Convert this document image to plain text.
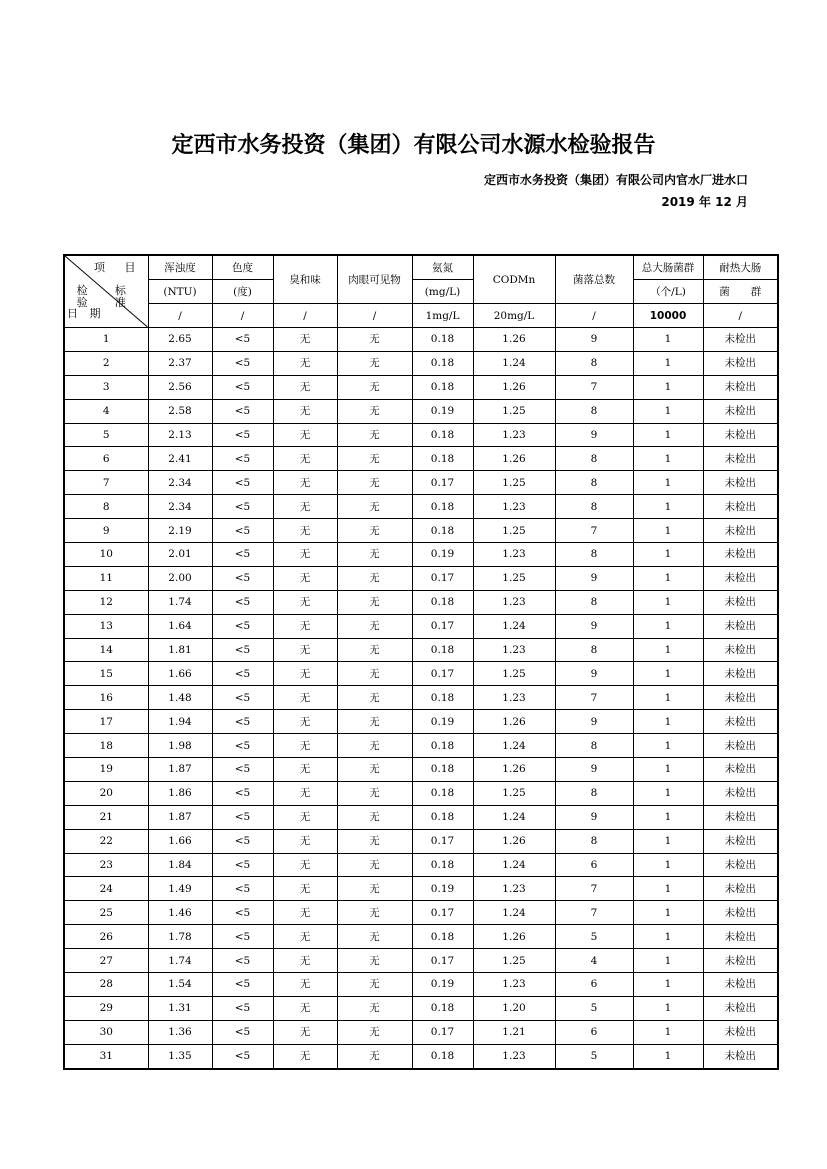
定西市水务投资（集团）有限公司水源水检验报告
定西市水务投资（集团）有限公司内官水厂进水口
2019 年 12 月
项 目
检 验
标 准
日 期	浑浊度	色度	臭和味	肉眼可见物	氨氮	CODMn	菌落总数	总大肠菌群	耐热大肠
	(NTU)	(度)			(mg/L)			（个/L)	菌　　群
	/	/	/	/	1mg/L	20mg/L	/	10000	/
1	2.65	<5	无	无	0.18	1.26	9	1	未检出
2	2.37	<5	无	无	0.18	1.24	8	1	未检出
3	2.56	<5	无	无	0.18	1.26	7	1	未检出
4	2.58	<5	无	无	0.19	1.25	8	1	未检出
5	2.13	<5	无	无	0.18	1.23	9	1	未检出
6	2.41	<5	无	无	0.18	1.26	8	1	未检出
7	2.34	<5	无	无	0.17	1.25	8	1	未检出
8	2.34	<5	无	无	0.18	1.23	8	1	未检出
9	2.19	<5	无	无	0.18	1.25	7	1	未检出
10	2.01	<5	无	无	0.19	1.23	8	1	未检出
11	2.00	<5	无	无	0.17	1.25	9	1	未检出
12	1.74	<5	无	无	0.18	1.23	8	1	未检出
13	1.64	<5	无	无	0.17	1.24	9	1	未检出
14	1.81	<5	无	无	0.18	1.23	8	1	未检出
15	1.66	<5	无	无	0.17	1.25	9	1	未检出
16	1.48	<5	无	无	0.18	1.23	7	1	未检出
17	1.94	<5	无	无	0.19	1.26	9	1	未检出
18	1.98	<5	无	无	0.18	1.24	8	1	未检出
19	1.87	<5	无	无	0.18	1.26	9	1	未检出
20	1.86	<5	无	无	0.18	1.25	8	1	未检出
21	1.87	<5	无	无	0.18	1.24	9	1	未检出
22	1.66	<5	无	无	0.17	1.26	8	1	未检出
23	1.84	<5	无	无	0.18	1.24	6	1	未检出
24	1.49	<5	无	无	0.19	1.23	7	1	未检出
25	1.46	<5	无	无	0.17	1.24	7	1	未检出
26	1.78	<5	无	无	0.18	1.26	5	1	未检出
27	1.74	<5	无	无	0.17	1.25	4	1	未检出
28	1.54	<5	无	无	0.19	1.23	6	1	未检出
29	1.31	<5	无	无	0.18	1.20	5	1	未检出
30	1.36	<5	无	无	0.17	1.21	6	1	未检出
31	1.35	<5	无	无	0.18	1.23	5	1	未检出
